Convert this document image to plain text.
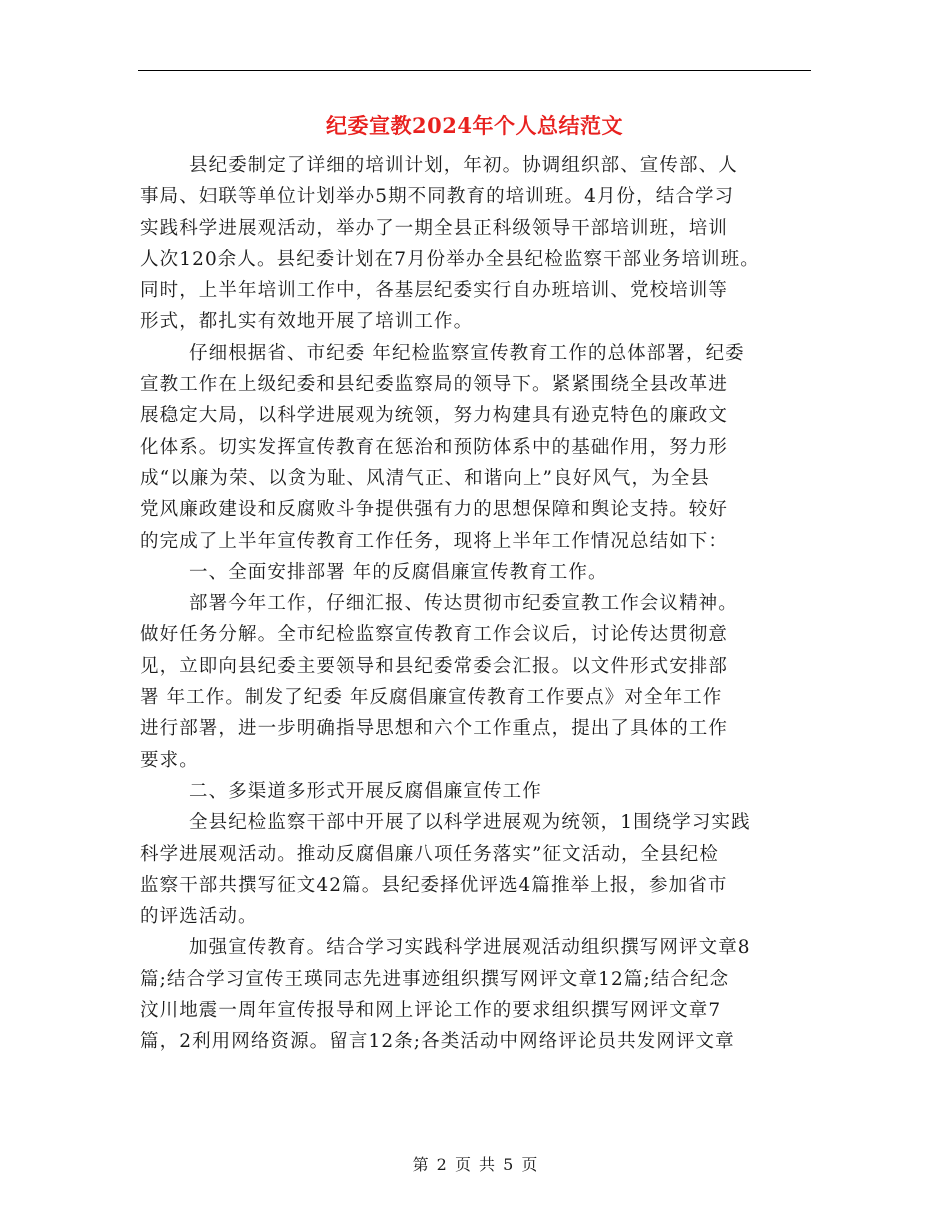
纪委宣教2024年个人总结范文

县纪委制定了详细的培训计划，年初。协调组织部、宣传部、人
事局、妇联等单位计划举办5期不同教育的培训班。4月份，结合学习
实践科学进展观活动，举办了一期全县正科级领导干部培训班，培训
人次120余人。县纪委计划在7月份举办全县纪检监察干部业务培训班。
同时，上半年培训工作中，各基层纪委实行自办班培训、党校培训等
形式，都扎实有效地开展了培训工作。

仔细根据省、市纪委 年纪检监察宣传教育工作的总体部署，纪委
宣教工作在上级纪委和县纪委监察局的领导下。紧紧围绕全县改革进
展稳定大局，以科学进展观为统领，努力构建具有逊克特色的廉政文
化体系。切实发挥宣传教育在惩治和预防体系中的基础作用，努力形
成“以廉为荣、以贪为耻、风清气正、和谐向上”良好风气，为全县
党风廉政建设和反腐败斗争提供强有力的思想保障和舆论支持。较好
的完成了上半年宣传教育工作任务，现将上半年工作情况总结如下：

一、全面安排部署 年的反腐倡廉宣传教育工作。

部署今年工作，仔细汇报、传达贯彻市纪委宣教工作会议精神。
做好任务分解。全市纪检监察宣传教育工作会议后，讨论传达贯彻意
见，立即向县纪委主要领导和县纪委常委会汇报。以文件形式安排部
署 年工作。制发了纪委 年反腐倡廉宣传教育工作要点》对全年工作
进行部署，进一步明确指导思想和六个工作重点，提出了具体的工作
要求。

二、多渠道多形式开展反腐倡廉宣传工作

全县纪检监察干部中开展了以科学进展观为统领，1围绕学习实践
科学进展观活动。推动反腐倡廉八项任务落实”征文活动，全县纪检
监察干部共撰写征文42篇。县纪委择优评选4篇推举上报，参加省市
的评选活动。

加强宣传教育。结合学习实践科学进展观活动组织撰写网评文章8
篇;结合学习宣传王瑛同志先进事迹组织撰写网评文章12篇;结合纪念
汶川地震一周年宣传报导和网上评论工作的要求组织撰写网评文章7
篇，2利用网络资源。留言12条;各类活动中网络评论员共发网评文章

第 2 页 共 5 页
